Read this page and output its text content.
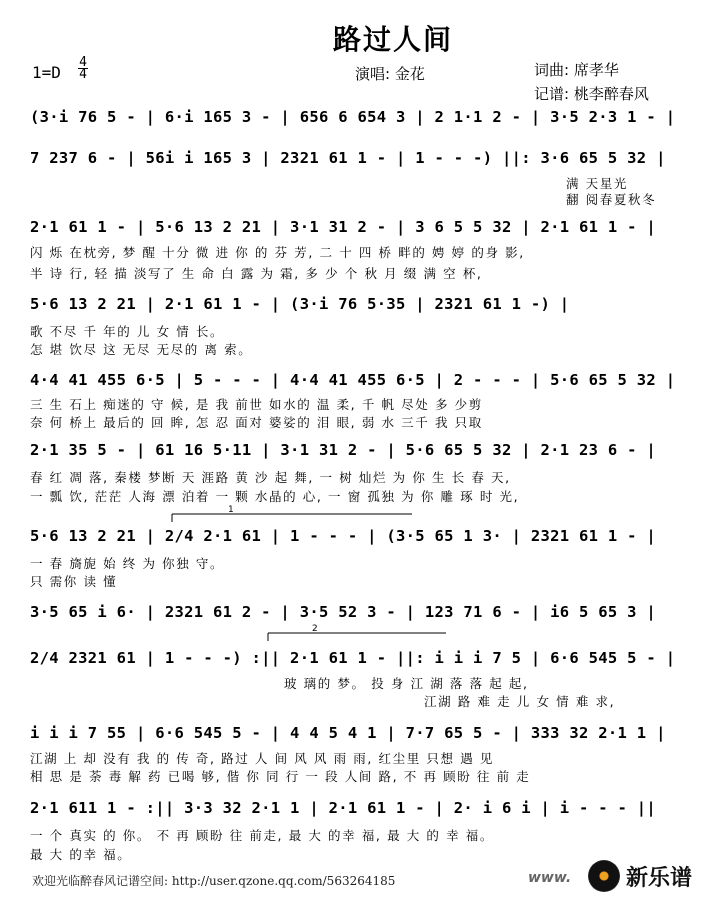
路过人间
1=D
4
4	演唱: 金花	词曲: 席孝华
记谱: 桃李醉春风
(3·i 76 5 - | 6·i 165 3 - | 656 6 654 3 | 2 1·1 2 - | 3·5 2·3 1 - |
7 237 6 - | 56i i 165 3 | 2321 61 1 - | 1 - - -) ||: 3·6 65 5 32 |
满 天星光
翻 阅春夏秋冬
2·1 61 1 - | 5·6 13 2 21 | 3·1 31 2 - | 3 6 5 5 32 | 2·1 61 1 - |
闪 烁 在枕旁, 梦 醒 十分 微 进 你 的 芬 芳, 二 十 四 桥 畔的 娉 婷 的身 影,
半 诗 行, 轻 描 淡写了 生 命 白 露 为 霜, 多 少 个 秋 月 缀 满 空 杯,
5·6 13 2 21 | 2·1 61 1 - | (3·i 76 5·35 | 2321 61 1 -) |
歌 不尽 千 年的 儿 女 情 长。
怎 堪 饮尽 这 无尽 无尽的 离 索。
4·4 41 455 6·5 | 5 - - - | 4·4 41 455 6·5 | 2 - - - | 5·6 65 5 32 |
三 生 石上 痴迷的 守 候, 是 我 前世 如水的 温 柔, 千 帆 尽处 多 少剪
奈 何 桥上 最后的 回 眸, 怎 忍 面对 婆娑的 泪 眼, 弱 水 三千 我 只取
2·1 35 5 - | 61 16 5·11 | 3·1 31 2 - | 5·6 65 5 32 | 2·1 23 6 - |
春 红 凋 落, 秦楼 梦断 天 涯路 黄 沙 起 舞, 一 树 灿烂 为 你 生 长 春 天,
一 瓢 饮, 茫茫 人海 漂 泊着 一 颗 水晶的 心, 一 窗 孤独 为 你 雕 琢 时 光,
5·6 13 2 21 | 2/4 2·1 61 | 1 - - - | (3·5 65 1 3· | 2321 61 1 - |
一 春 旖旎 始 终 为 你独 守。
只 需你 读 懂
3·5 65 i 6· | 2321 61 2 - | 3·5 52 3 - | 123 71 6 - | i6 5 65 3 |
2/4 2321 61 | 1 - - -) :|| 2·1 61 1 - ||: i i i 7 5 | 6·6 545 5 - |
玻 璃的 梦。 投 身 江 湖 落 落 起 起,
江湖 路 难 走 儿 女 情 难 求,
i i i 7 55 | 6·6 545 5 - | 4 4 5 4 1 | 7·7 65 5 - | 333 32 2·1 1 |
江湖 上 却 没有 我 的 传 奇, 路过 人 间 风 风 雨 雨, 红尘里 只想 遇 见
相 思 是 荼 毒 解 药 已喝 够, 偕 你 同 行 一 段 人间 路, 不 再 顾盼 往 前 走
2·1 611 1 - :|| 3·3 32 2·1 1 | 2·1 61 1 - | 2· i 6 i | i - - - ||
一 个 真实 的 你。 不 再 顾盼 往 前走, 最 大 的幸 福, 最 大 的 幸 福。
最 大 的幸 福。
1
2
欢迎光临醉春风记谱空间: http://user.qzone.qq.com/563264185	www. 新乐谱
